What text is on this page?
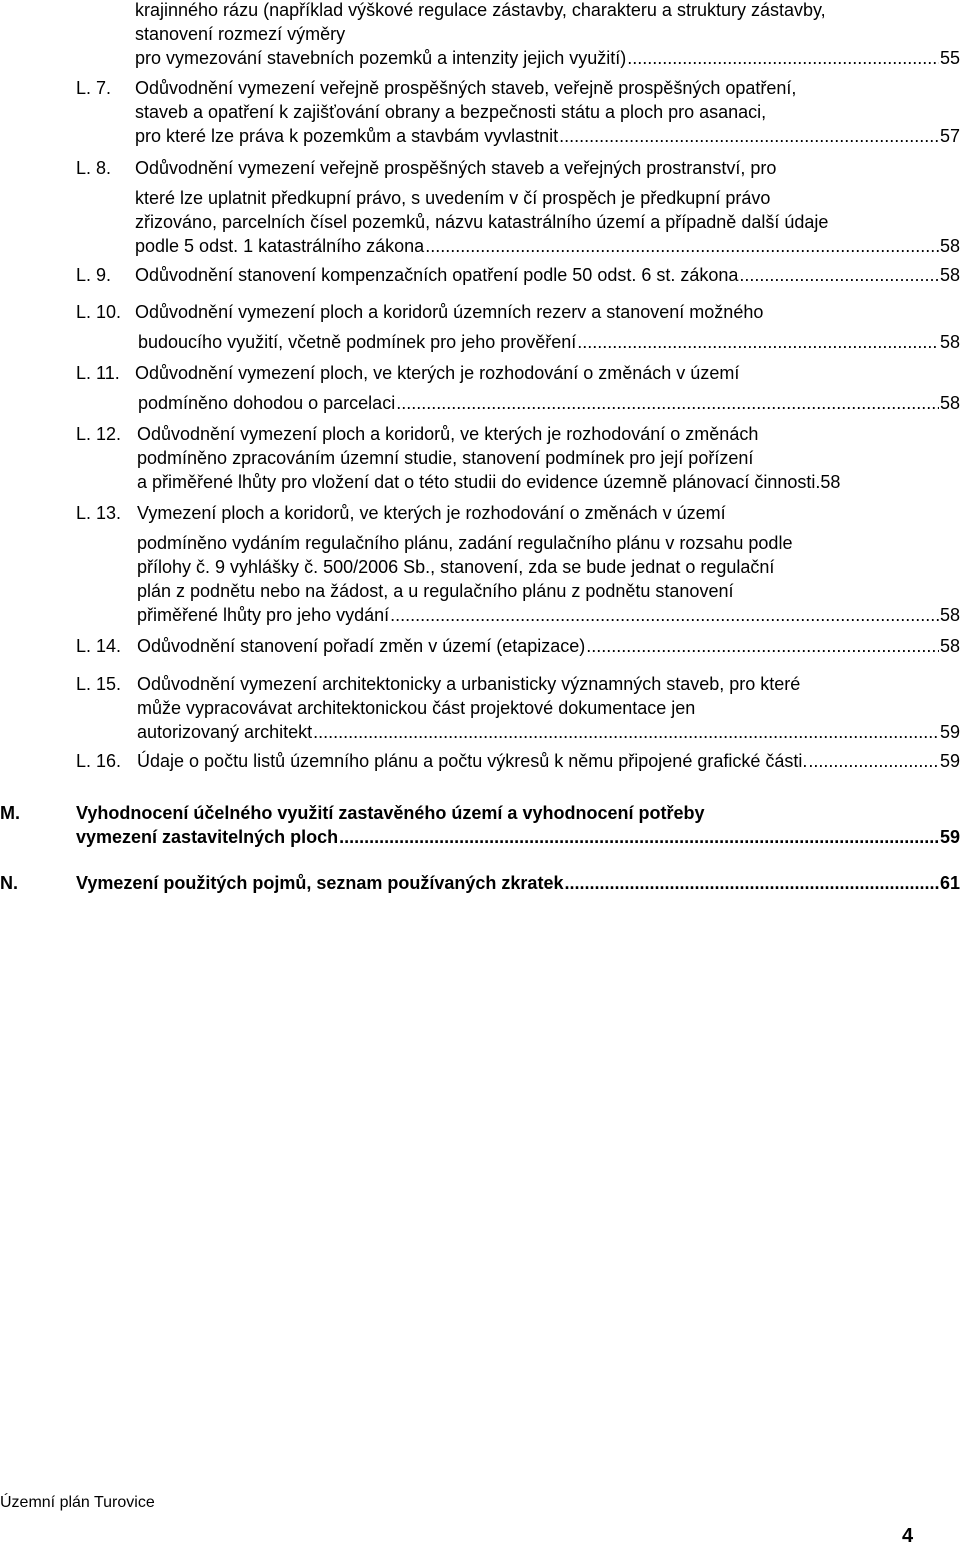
krajinného rázu (například výškové regulace zástavby, charakteru a struktury zástavby,
stanovení rozmezí výměry
pro vymezování stavebních pozemků a intenzity jejich využití) .....	55
L. 7. Odůvodnění vymezení veřejně prospěšných staveb, veřejně prospěšných opatření,
staveb a opatření k zajišťování obrany a bezpečnosti státu a ploch pro asanaci,
pro které lze práva k pozemkům a stavbám vyvlastnit .....	57
L. 8. Odůvodnění vymezení veřejně prospěšných staveb a veřejných prostranství, pro
které lze uplatnit předkupní právo, s uvedením v čí prospěch je předkupní právo
zřizováno, parcelních čísel pozemků, názvu katastrálního území a případně další údaje
podle 5 odst. 1 katastrálního zákona .....	58
L. 9. Odůvodnění stanovení kompenzačních opatření podle 50 odst. 6 st. zákona .....	58
L. 10. Odůvodnění vymezení ploch a koridorů územních rezerv a stanovení možného
budoucího využití, včetně podmínek pro jeho prověření .....	58
L. 11. Odůvodnění vymezení ploch, ve kterých je rozhodování o změnách v území
podmíněno dohodou o parcelaci .....	58
L. 12. Odůvodnění vymezení ploch a koridorů, ve kterých je rozhodování o změnách
podmíněno zpracováním územní studie, stanovení podmínek pro její pořízení
a přiměřené lhůty pro vložení dat o této studii do evidence územně plánovací činnosti . 58
L. 13. Vymezení ploch a koridorů, ve kterých je rozhodování o změnách v území
podmíněno vydáním regulačního plánu, zadání regulačního plánu v rozsahu podle
přílohy č. 9 vyhlášky č. 500/2006 Sb., stanovení, zda se bude jednat o regulační
plán z podnětu nebo na žádost, a u regulačního plánu z podnětu stanovení
přiměřené lhůty pro jeho vydání .....	58
L. 14. Odůvodnění stanovení pořadí změn v území (etapizace) .....	58
L. 15. Odůvodnění vymezení architektonicky a urbanisticky významných staveb, pro které
může vypracovávat architektonickou část projektové dokumentace jen
autorizovaný architekt .....	59
L. 16. Údaje o počtu listů územního plánu a počtu výkresů k němu připojené grafické části. .....	59
M.	Vyhodnocení účelného využití zastavěného území a vyhodnocení potřeby
vymezení zastavitelných ploch .....	59
N.	Vymezení použitých pojmů, seznam používaných zkratek .....	61
Územní plán Turovice
4
